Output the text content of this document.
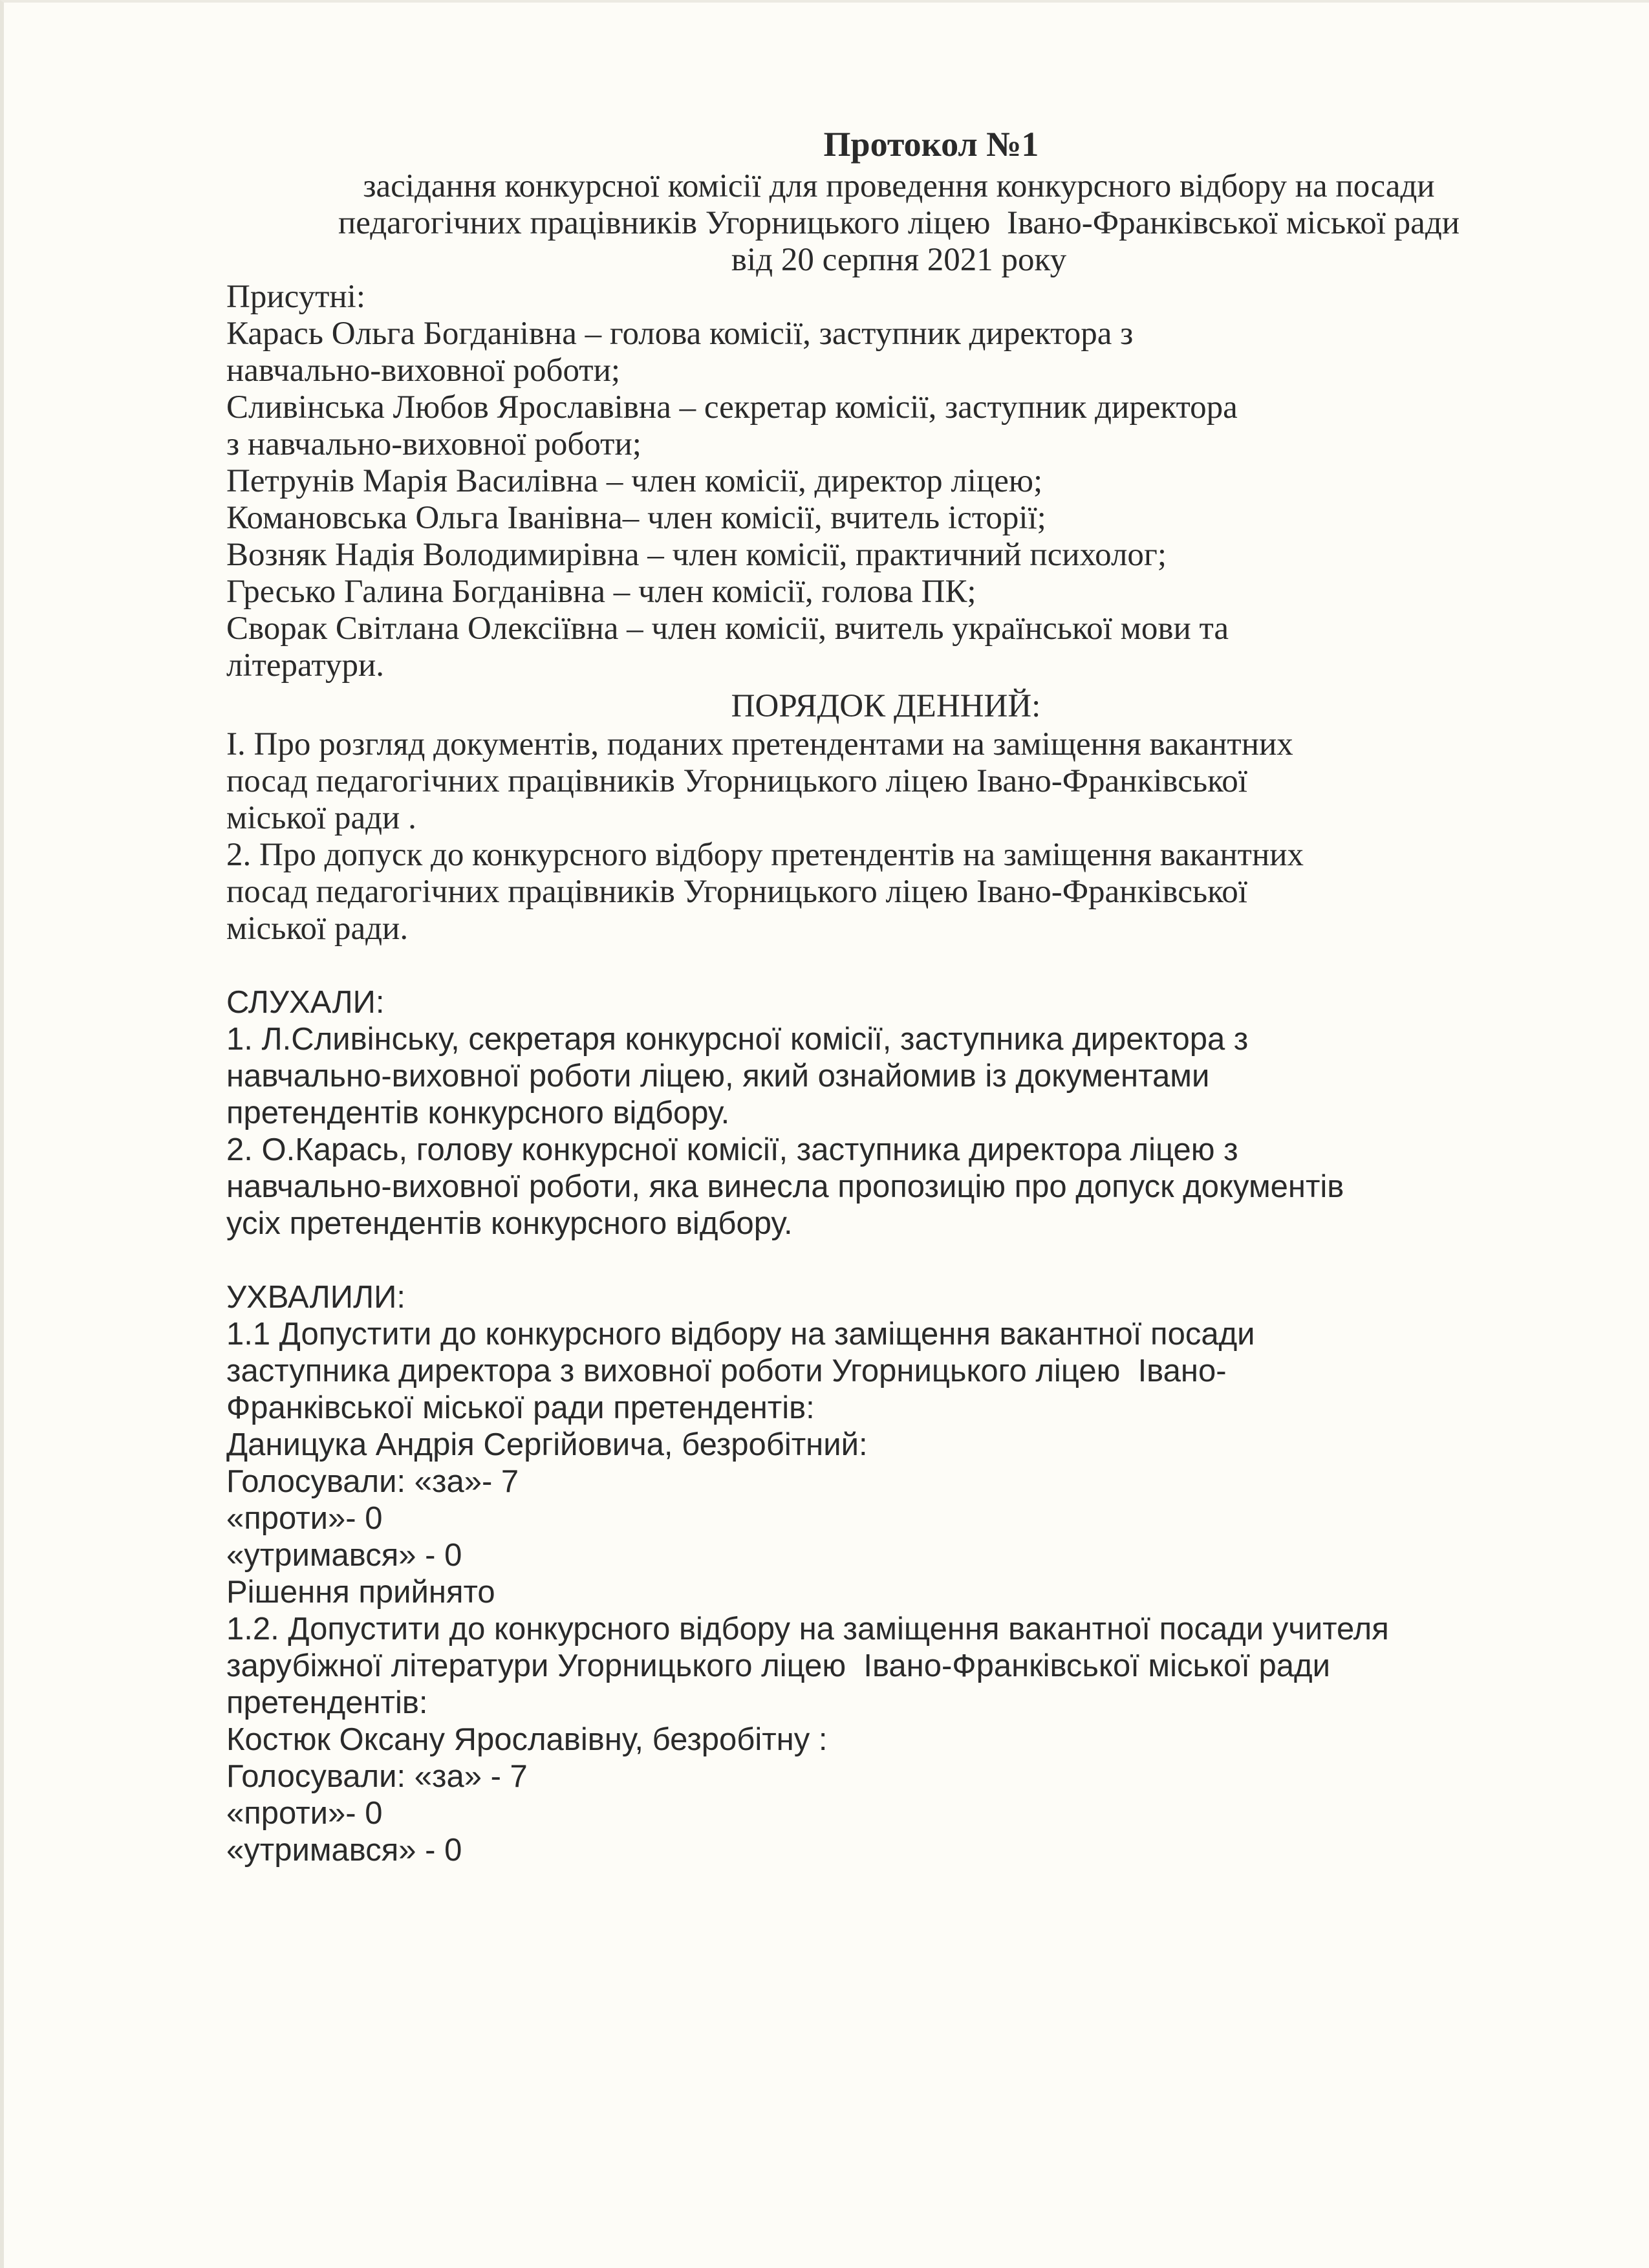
Протокол №1
засідання конкурсної комісії для проведення конкурсного відбору на посади
педагогічних працівників Угорницького ліцею  Івано-Франківської міської ради
від 20 серпня 2021 року
Присутні:
Карась Ольга Богданівна – голова комісії, заступник директора з
навчально-виховної роботи;
Сливінська Любов Ярославівна – секретар комісії, заступник директора
з навчально-виховної роботи;
Петрунів Марія Василівна – член комісії, директор ліцею;
Комановська Ольга Іванівна– член комісії, вчитель історії;
Возняк Надія Володимирівна – член комісії, практичний психолог;
Гресько Галина Богданівна – член комісії, голова ПК;
Сворак Світлана Олексіївна – член комісії, вчитель української мови та
літератури.
ПОРЯДОК ДЕННИЙ:
І. Про розгляд документів, поданих претендентами на заміщення вакантних
посад педагогічних працівників Угорницького ліцею Івано-Франківської
міської ради .
2. Про допуск до конкурсного відбору претендентів на заміщення вакантних
посад педагогічних працівників Угорницького ліцею Івано-Франківської
міської ради.
СЛУХАЛИ:
1. Л.Сливінську, секретаря конкурсної комісії, заступника директора з
навчально-виховної роботи ліцею, який ознайомив із документами
претендентів конкурсного відбору.
2. О.Карась, голову конкурсної комісії, заступника директора ліцею з
навчально-виховної роботи, яка винесла пропозицію про допуск документів
усіх претендентів конкурсного відбору.
УХВАЛИЛИ:
1.1 Допустити до конкурсного відбору на заміщення вакантної посади
заступника директора з виховної роботи Угорницького ліцею  Івано-
Франківської міської ради претендентів:
Даницука Андрія Сергійовича, безробітний:
Голосували: «за»- 7
«проти»- 0
«утримався» - 0
Рішення прийнято
1.2. Допустити до конкурсного відбору на заміщення вакантної посади учителя
зарубіжної літератури Угорницького ліцею  Івано-Франківської міської ради
претендентів:
Костюк Оксану Ярославівну, безробітну :
Голосували: «за» - 7
«проти»- 0
«утримався» - 0
